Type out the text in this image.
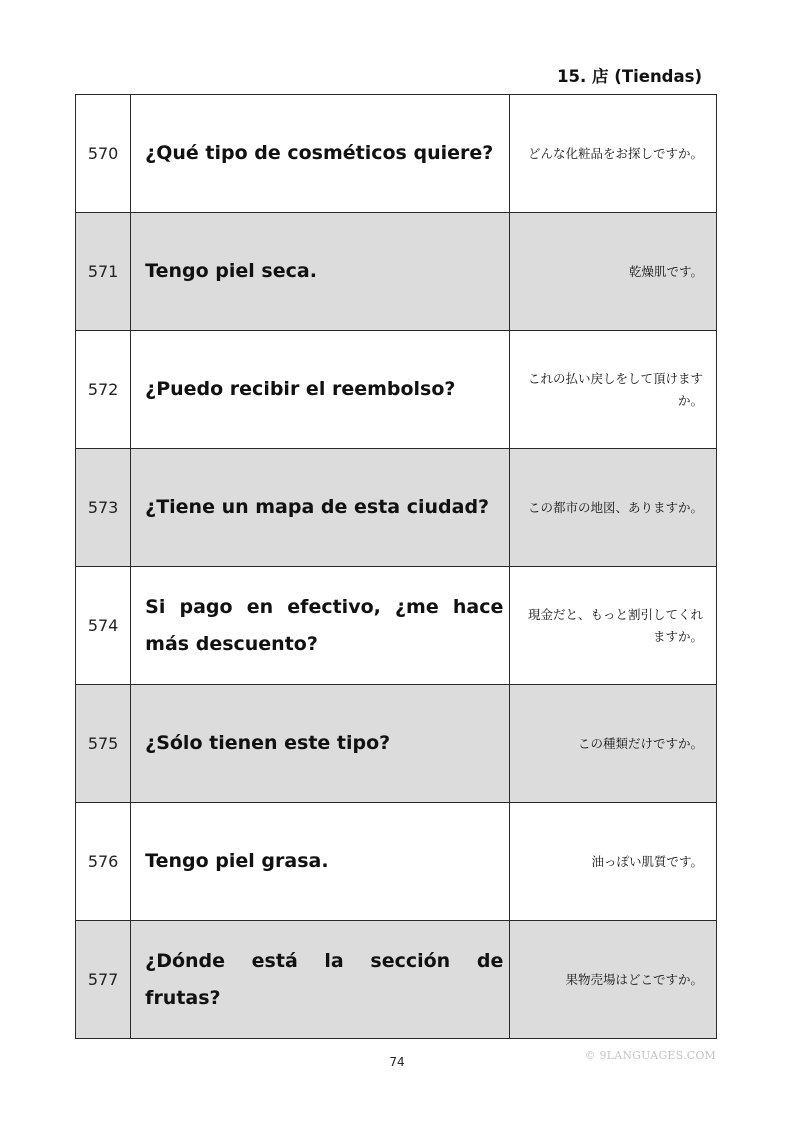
15. 店 (Tiendas)
570	¿Qué tipo de cosméticos quiere?	どんな化粧品をお探しですか。
571	Tengo piel seca.	乾燥肌です。
572	¿Puedo recibir el reembolso?	これの払い戻しをして頂けますか。
573	¿Tiene un mapa de esta ciudad?	この都市の地図、ありますか。
574	Si pago en efectivo, ¿me hace más descuento?	現金だと、もっと割引してくれますか。
575	¿Sólo tienen este tipo?	この種類だけですか。
576	Tengo piel grasa.	油っぽい肌質です。
577	¿Dónde está la sección de frutas?	果物売場はどこですか。
74	© 9LANGUAGES.COM
